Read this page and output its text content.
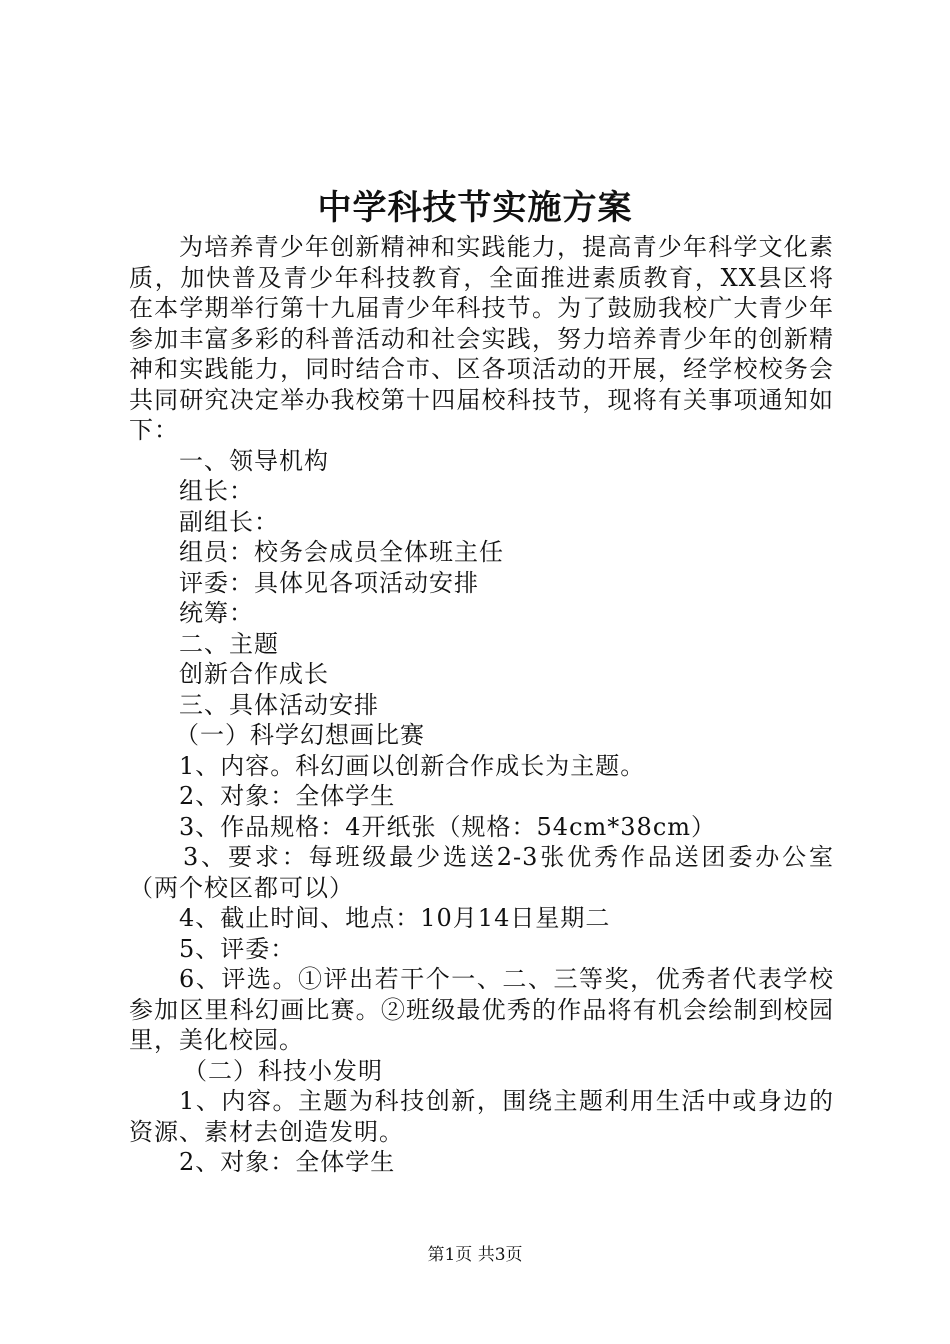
中学科技节实施方案

为培养青少年创新精神和实践能力，提高青少年科学文化素质，加快普及青少年科技教育，全面推进素质教育，XX县区将在本学期举行第十九届青少年科技节。为了鼓励我校广大青少年参加丰富多彩的科普活动和社会实践，努力培养青少年的创新精神和实践能力，同时结合市、区各项活动的开展，经学校校务会共同研究决定举办我校第十四届校科技节，现将有关事项通知如下：

一、领导机构

组长：

副组长：

组员：校务会成员全体班主任

评委：具体见各项活动安排

统筹：

二、主题

创新合作成长

三、具体活动安排

（一）科学幻想画比赛

1、内容。科幻画以创新合作成长为主题。

2、对象：全体学生

3、作品规格：4开纸张（规格：54cm*38cm）

3、要求：每班级最少选送2-3张优秀作品送团委办公室（两个校区都可以）

4、截止时间、地点：10月14日星期二

5、评委：

6、评选。①评出若干个一、二、三等奖，优秀者代表学校参加区里科幻画比赛。②班级最优秀的作品将有机会绘制到校园里，美化校园。

（二）科技小发明

1、内容。主题为科技创新，围绕主题利用生活中或身边的资源、素材去创造发明。

2、对象：全体学生

第1页 共3页
